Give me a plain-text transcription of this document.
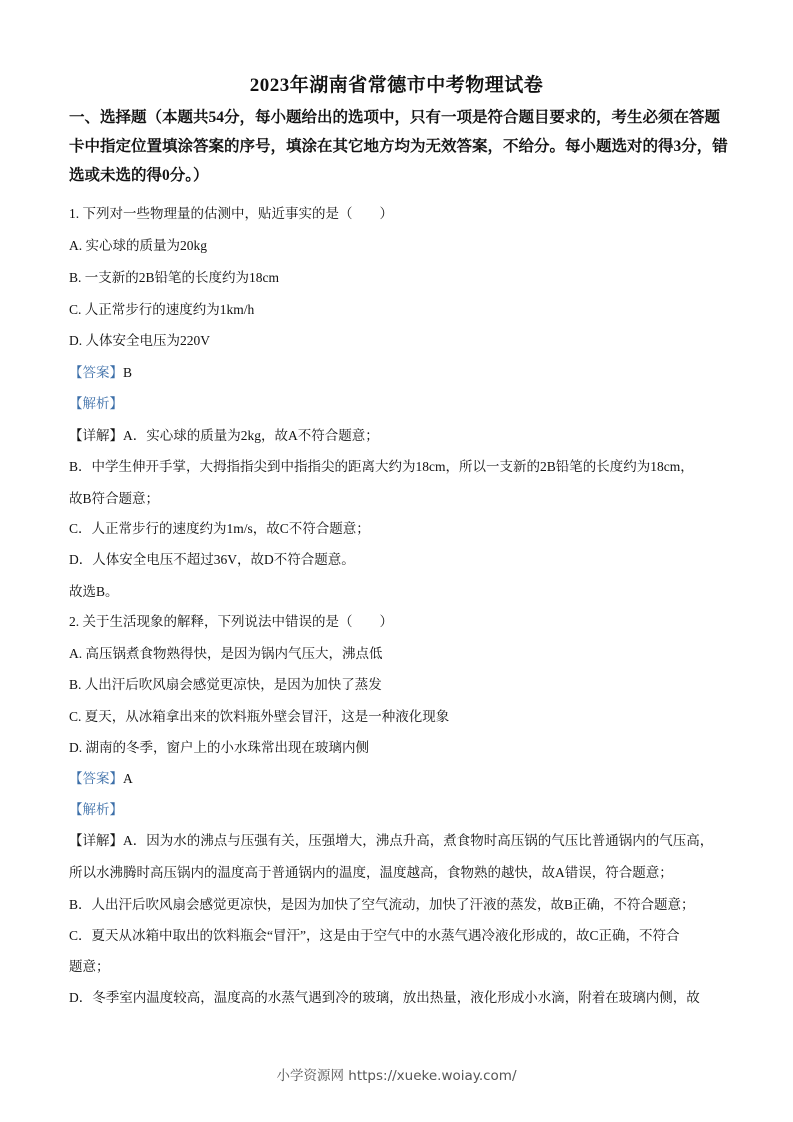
2023年湖南省常德市中考物理试卷
一、选择题（本题共54分，每小题给出的选项中，只有一项是符合题目要求的，考生必须在答题卡中指定位置填涂答案的序号，填涂在其它地方均为无效答案，不给分。每小题选对的得3分，错选或未选的得0分。）
1. 下列对一些物理量的估测中，贴近事实的是（　　）
A. 实心球的质量为20kg
B. 一支新的2B铅笔的长度约为18cm
C. 人正常步行的速度约为1km/h
D. 人体安全电压为220V
【答案】B
【解析】
【详解】A．实心球的质量为2kg，故A不符合题意；
B．中学生伸开手掌，大拇指指尖到中指指尖的距离大约为18cm，所以一支新的2B铅笔的长度约为18cm，
故B符合题意；
C．人正常步行的速度约为1m/s，故C不符合题意；
D．人体安全电压不超过36V，故D不符合题意。
故选B。
2. 关于生活现象的解释，下列说法中错误的是（　　）
A. 高压锅煮食物熟得快，是因为锅内气压大，沸点低
B. 人出汗后吹风扇会感觉更凉快，是因为加快了蒸发
C. 夏天，从冰箱拿出来的饮料瓶外壁会冒汗，这是一种液化现象
D. 湖南的冬季，窗户上的小水珠常出现在玻璃内侧
【答案】A
【解析】
【详解】A．因为水的沸点与压强有关，压强增大，沸点升高，煮食物时高压锅的气压比普通锅内的气压高，
所以水沸腾时高压锅内的温度高于普通锅内的温度，温度越高，食物熟的越快，故A错误，符合题意；
B．人出汗后吹风扇会感觉更凉快，是因为加快了空气流动，加快了汗液的蒸发，故B正确，不符合题意；
C．夏天从冰箱中取出的饮料瓶会“冒汗”，这是由于空气中的水蒸气遇冷液化形成的，故C正确，不符合
题意；
D．冬季室内温度较高，温度高的水蒸气遇到冷的玻璃，放出热量，液化形成小水滴，附着在玻璃内侧，故
小学资源网 https://xueke.woiay.com/
